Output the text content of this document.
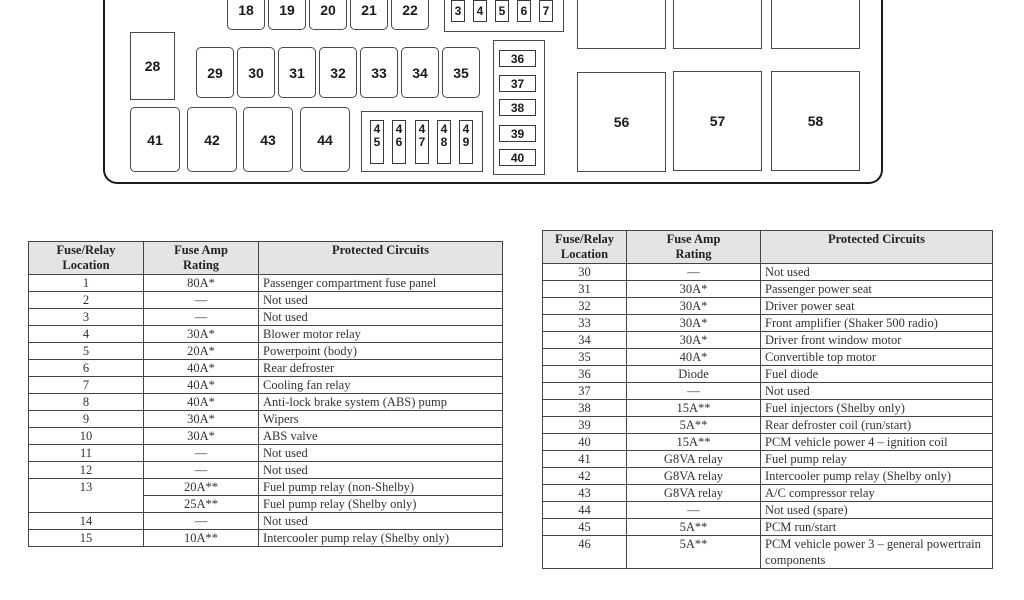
18 19 20 21 22	3 4 5 6 7
28	29 30 31 32 33 34 35
36
37
38
39
40
41	42	43	44
4
5
4
6
4
7
4
8
4
9
56	57	58
Fuse/Relay
Location	Fuse Amp
Rating	Protected Circuits
1	80A*	Passenger compartment fuse panel
2	—	Not used
3	—	Not used
4	30A*	Blower motor relay
5	20A*	Powerpoint (body)
6	40A*	Rear defroster
7	40A*	Cooling fan relay
8	40A*	Anti-lock brake system (ABS) pump
9	30A*	Wipers
10	30A*	ABS valve
11	—	Not used
12	—	Not used
13	20A**	Fuel pump relay (non-Shelby)
	25A**	Fuel pump relay (Shelby only)
14	—	Not used
15	10A**	Intercooler pump relay (Shelby only)
Fuse/Relay
Location	Fuse Amp
Rating	Protected Circuits
30	—	Not used
31	30A*	Passenger power seat
32	30A*	Driver power seat
33	30A*	Front amplifier (Shaker 500 radio)
34	30A*	Driver front window motor
35	40A*	Convertible top motor
36	Diode	Fuel diode
37	—	Not used
38	15A**	Fuel injectors (Shelby only)
39	5A**	Rear defroster coil (run/start)
40	15A**	PCM vehicle power 4 – ignition coil
41	G8VA relay	Fuel pump relay
42	G8VA relay	Intercooler pump relay (Shelby only)
43	G8VA relay	A/C compressor relay
44	—	Not used (spare)
45	5A**	PCM run/start
46	5A**	PCM vehicle power 3 – general powertrain components
